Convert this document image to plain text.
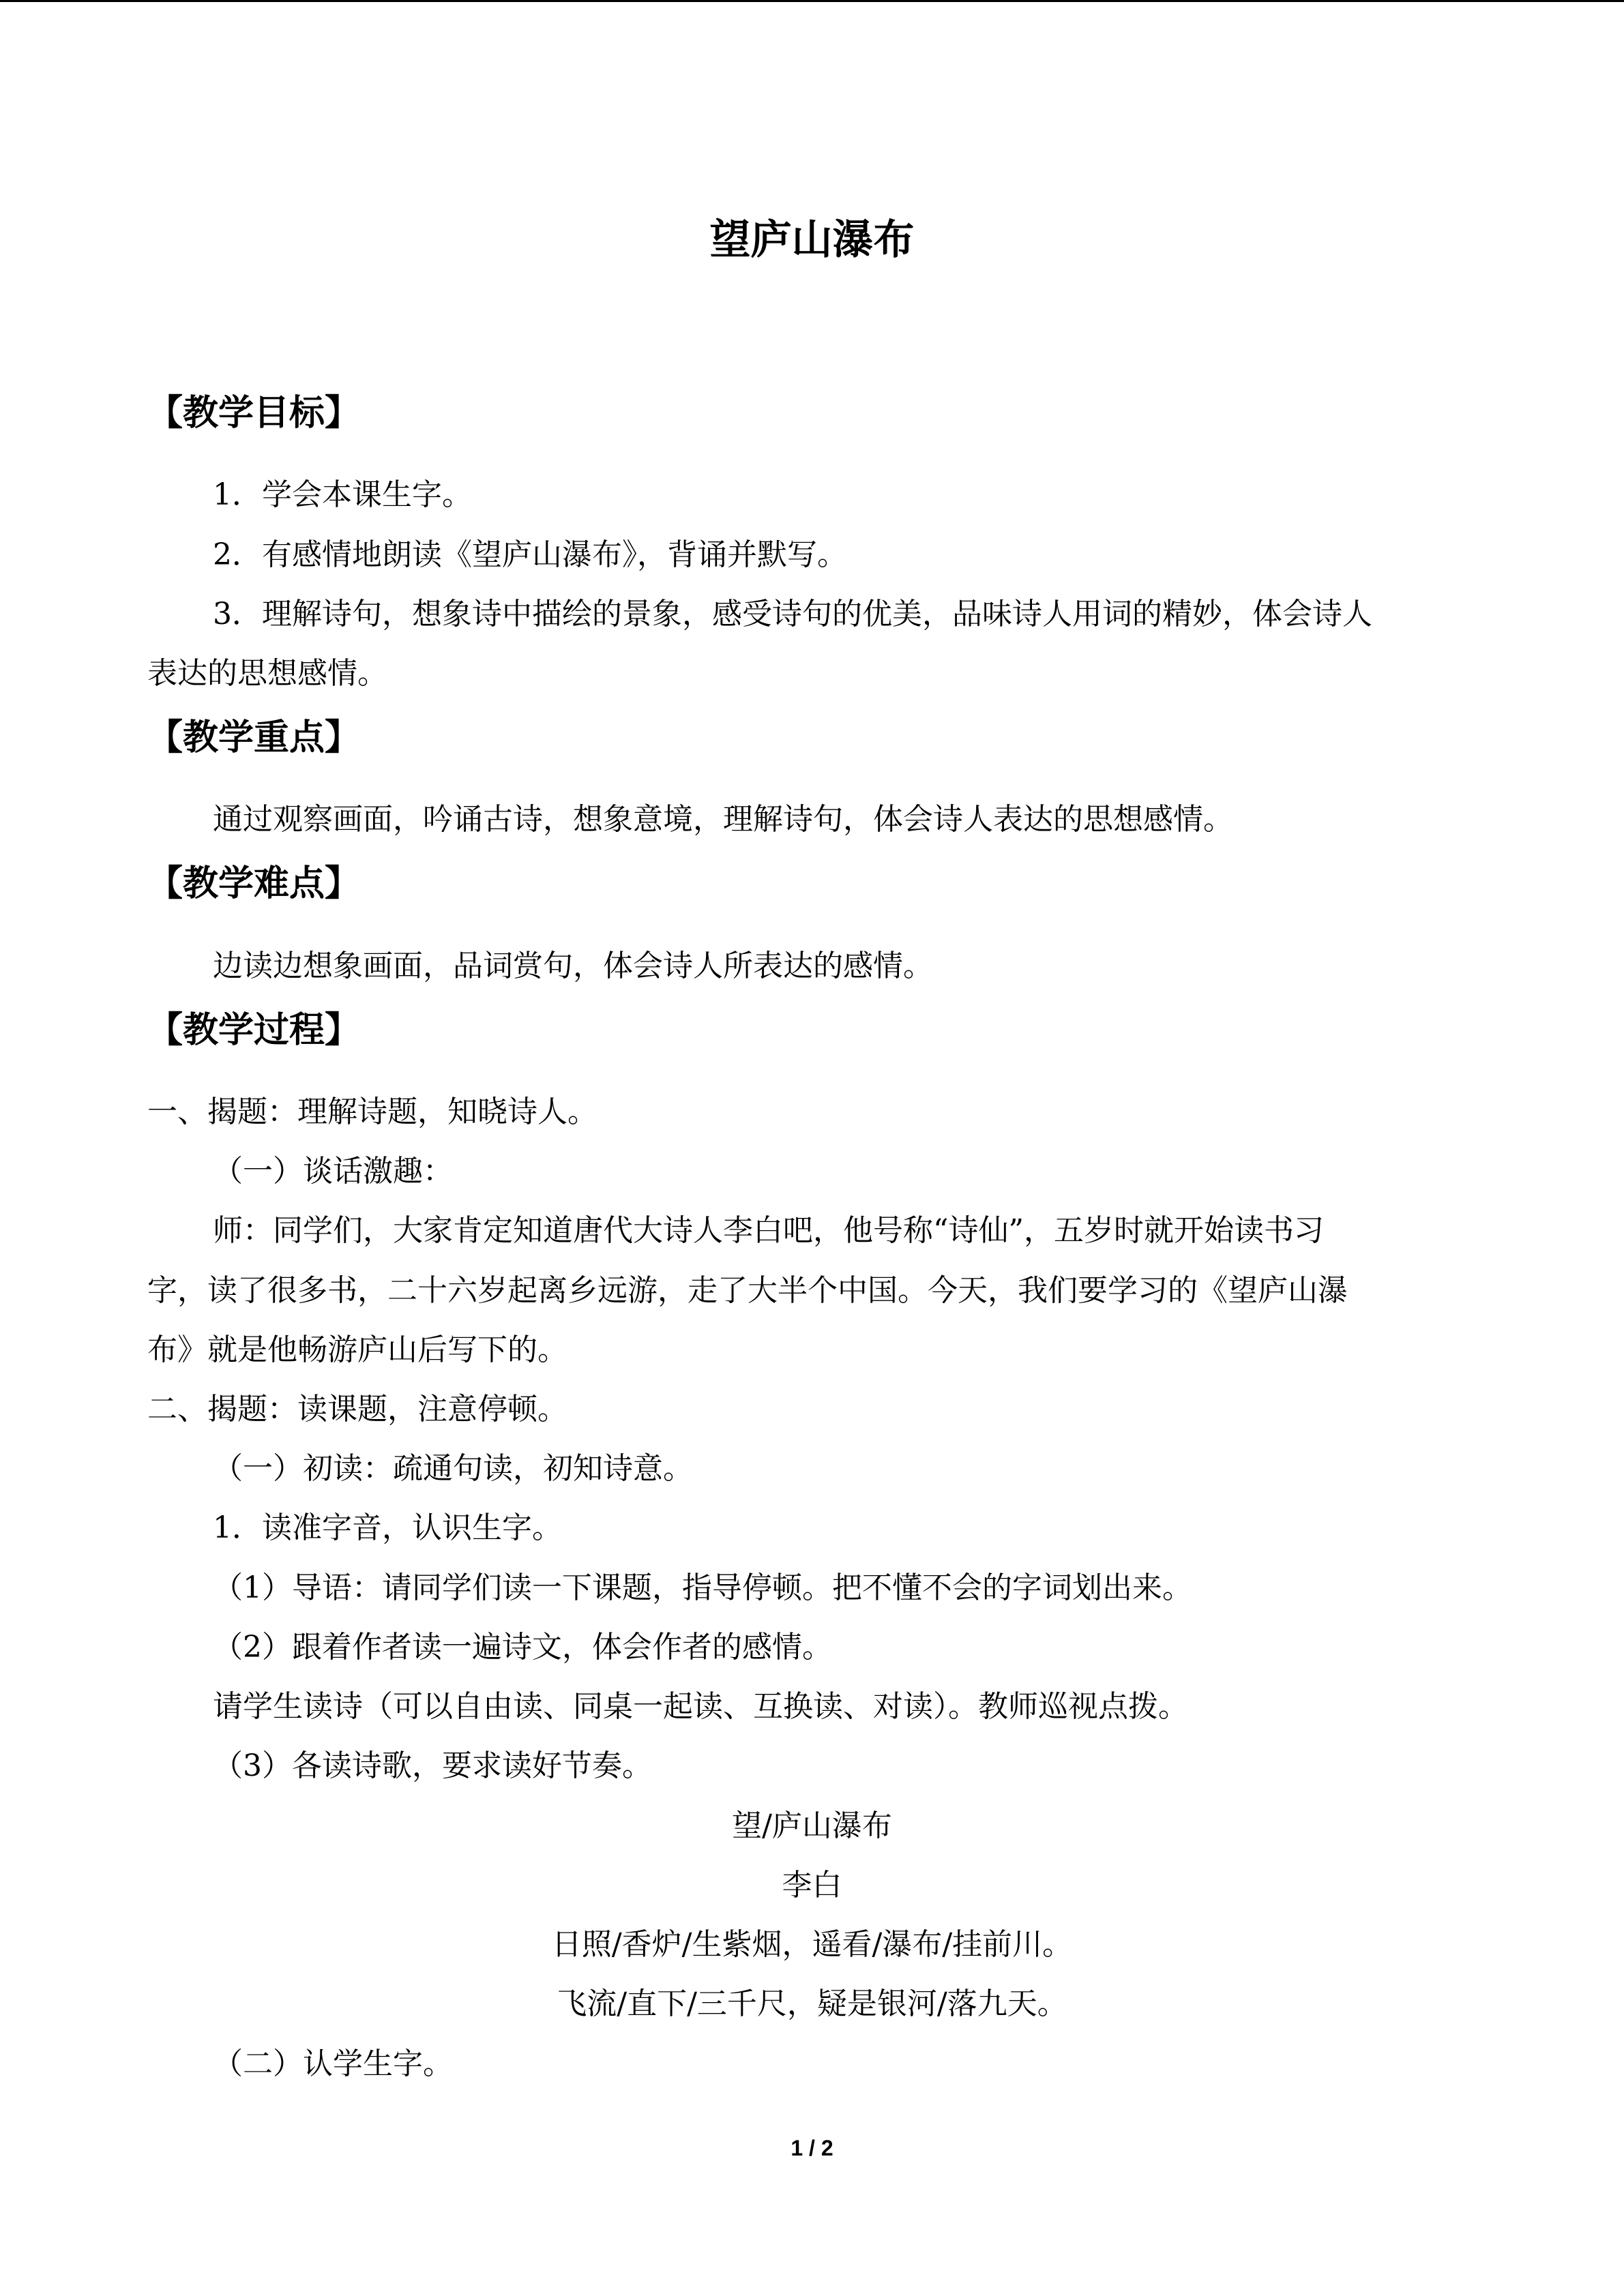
望庐山瀑布
【教学目标】
1．学会本课生字。
2．有感情地朗读《望庐山瀑布》，背诵并默写。
3．理解诗句，想象诗中描绘的景象，感受诗句的优美，品味诗人用词的精妙，体会诗人
表达的思想感情。
【教学重点】
通过观察画面，吟诵古诗，想象意境，理解诗句，体会诗人表达的思想感情。
【教学难点】
边读边想象画面，品词赏句，体会诗人所表达的感情。
【教学过程】
一、揭题：理解诗题，知晓诗人。
（一）谈话激趣：
师：同学们，大家肯定知道唐代大诗人李白吧，他号称“诗仙”，五岁时就开始读书习
字，读了很多书，二十六岁起离乡远游，走了大半个中国。今天，我们要学习的《望庐山瀑
布》就是他畅游庐山后写下的。
二、揭题：读课题，注意停顿。
（一）初读：疏通句读，初知诗意。
1．读准字音，认识生字。
（1）导语：请同学们读一下课题，指导停顿。把不懂不会的字词划出来。
（2）跟着作者读一遍诗文，体会作者的感情。
请学生读诗（可以自由读、同桌一起读、互换读、对读）。教师巡视点拨。
（3）各读诗歌，要求读好节奏。
望/庐山瀑布
李白
日照/香炉/生紫烟，遥看/瀑布/挂前川。
飞流/直下/三千尺，疑是银河/落九天。
（二）认学生字。
1 / 2
